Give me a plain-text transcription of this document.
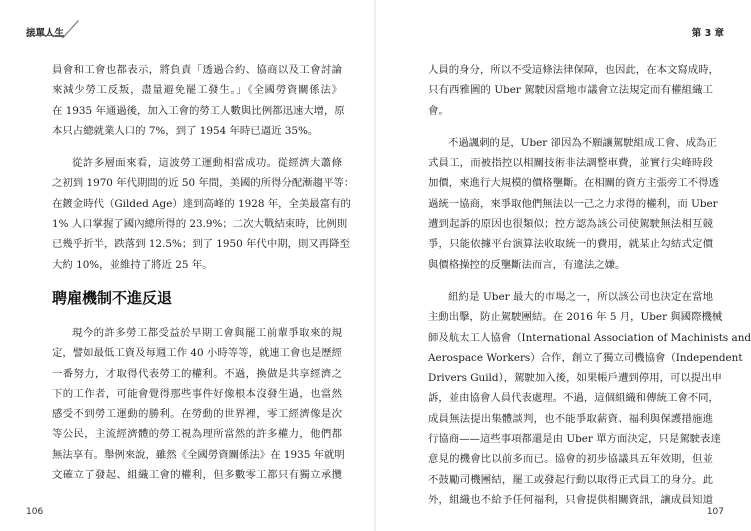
接單人生
員會和工會也都表示，將負責「透過合約、協商以及工會討論
來減少勞工反叛，盡量避免罷工發生。」《全國勞資關係法》
在 1935 年通過後，加入工會的勞工人數與比例都迅速大增，原
本只占總就業人口的 7%，到了 1954 年時已逼近 35%。
從許多層面來看，這波勞工運動相當成功。從經濟大蕭條
之初到 1970 年代期間的近 50 年間，美國的所得分配漸趨平等：
在鍍金時代（Gilded Age）達到高峰的 1928 年，全美最富有的
1% 人口掌握了國內總所得的 23.9%；二次大戰結束時，比例則
已幾乎折半，跌落到 12.5%；到了 1950 年代中期，則又再降至
大約 10%，並維持了將近 25 年。
聘雇機制不進反退
現今的許多勞工都受益於早期工會與罷工前輩爭取來的規
定，譬如最低工資及每週工作 40 小時等等，就連工會也是歷經
一番努力，才取得代表勞工的權利。不過，換做是共享經濟之
下的工作者，可能會覺得那些事件好像根本沒發生過，也當然
感受不到勞工運動的勝利。在勞動的世界裡，零工經濟像是次
等公民，主流經濟體的勞工視為理所當然的許多權力，他們都
無法享有。舉例來說，雖然《全國勞資關係法》在 1935 年就明
文確立了發起、組織工會的權利，但多數零工都只有獨立承攬
106
第 3 章
人員的身分，所以不受這條法律保障，也因此，在本文寫成時，
只有西雅圖的 Uber 駕駛因當地市議會立法規定而有權組織工
會。
不過諷刺的是，Uber 卻因為不願讓駕駛組成工會、成為正
式員工，而被指控以相關技術非法調整車費，並實行尖峰時段
加價，來進行大規模的價格壟斷。在相關的資方主張旁工不得透
過統一協商，來爭取他們無法以一己之力求得的權利，而 Uber
遭到起訴的原因也很類似；控方認為該公司使駕駛無法相互競
爭，只能依據平台演算法收取統一的費用，就某止勾結式定價
與價格操控的反壟斷法而言，有違法之嫌。
紐約是 Uber 最大的市場之一，所以該公司也決定在當地
主動出擊，防止駕駛團結。在 2016 年 5 月，Uber 與國際機械
師及航太工人協會（International Association of Machinists and
Aerospace Workers）合作，創立了獨立司機協會（Independent
Drivers Guild），駕駛加入後，如果帳戶遭到停用，可以提出申
訴，並由協會人員代表處理。不過，這個組織和傳統工會不同，
成員無法提出集體談判，也不能爭取薪資、福利與保護措施進
行協商——這些事項都還是由 Uber 單方面決定，只是駕駛表達
意見的機會比以前多而已。協會的初步協議具五年效期，但並
不鼓勵司機團結，罷工或發起行動以取得正式員工的身分。此
外，組織也不給予任何福利，只會提供相關資訊，讓成員知道
107
